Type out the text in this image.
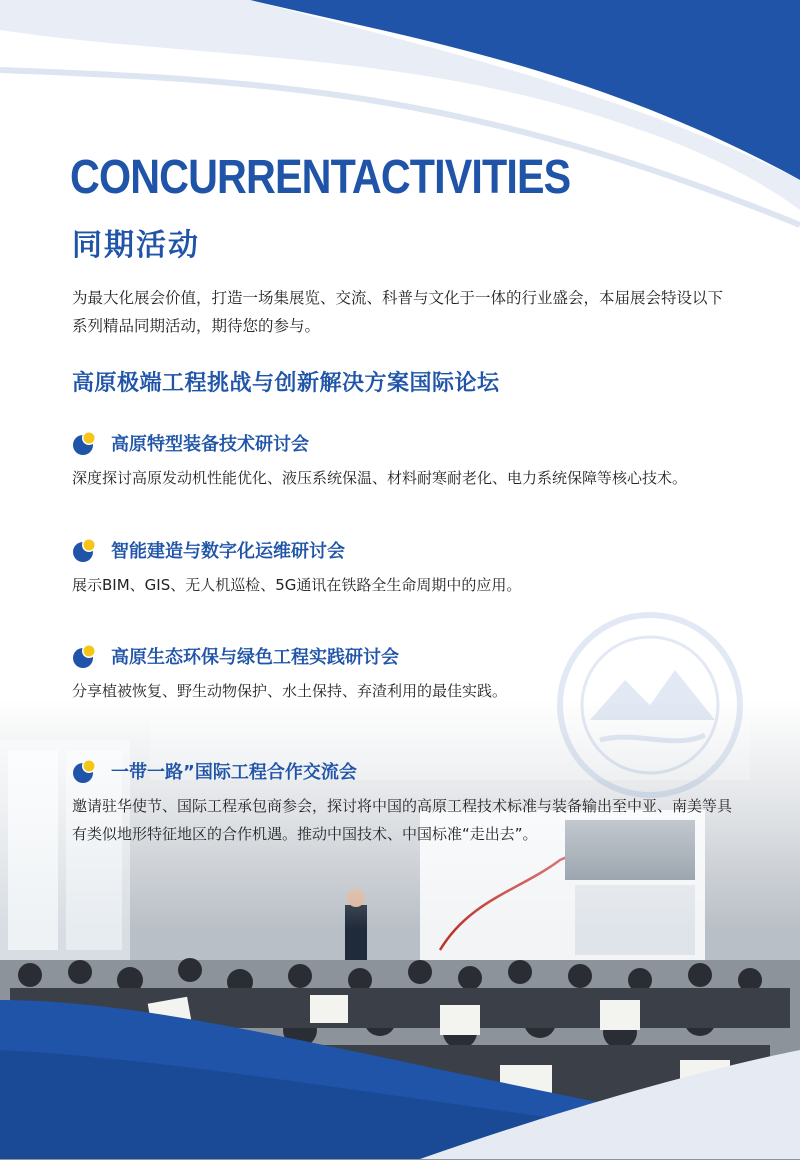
CONCURRENTACTIVITIES
同期活动
为最大化展会价值，打造一场集展览、交流、科普与文化于一体的行业盛会，本届展会特设以下系列精品同期活动，期待您的参与。
高原极端工程挑战与创新解决方案国际论坛
高原特型装备技术研讨会
深度探讨高原发动机性能优化、液压系统保温、材料耐寒耐老化、电力系统保障等核心技术。
智能建造与数字化运维研讨会
展示BIM、GIS、无人机巡检、5G通讯在铁路全生命周期中的应用。
高原生态环保与绿色工程实践研讨会
分享植被恢复、野生动物保护、水土保持、弃渣利用的最佳实践。
一带一路”国际工程合作交流会
邀请驻华使节、国际工程承包商参会，探讨将中国的高原工程技术标准与装备输出至中亚、南美等具有类似地形特征地区的合作机遇。推动中国技术、中国标准“走出去”。
